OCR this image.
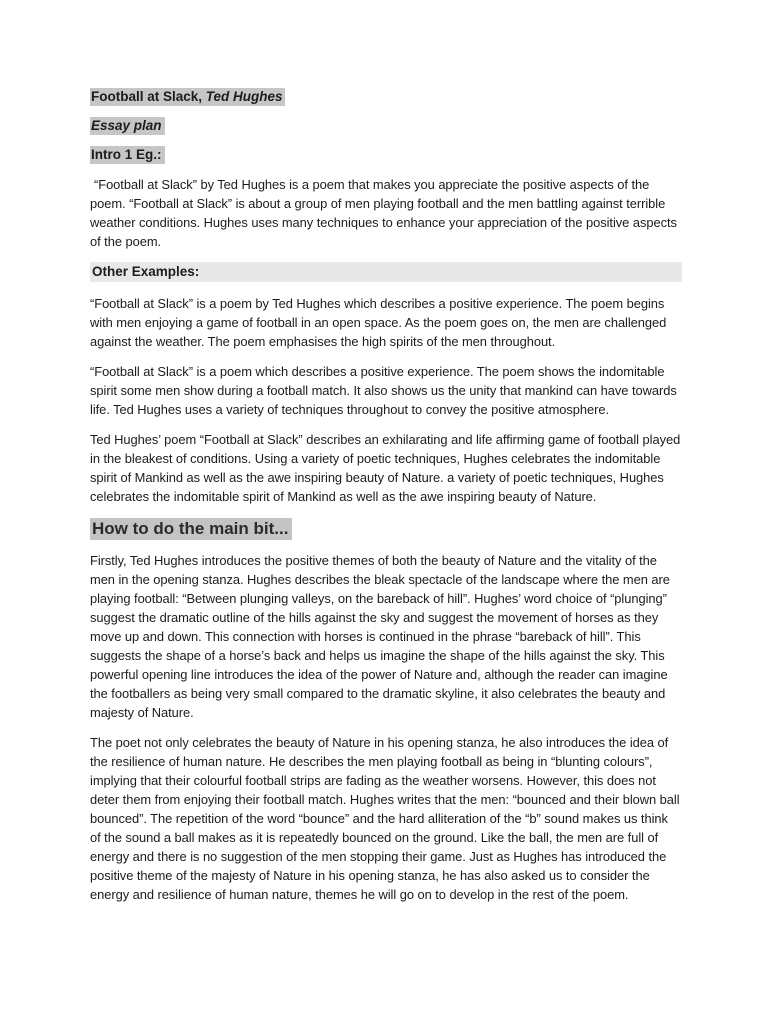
Football at Slack, Ted Hughes
Essay plan
Intro 1 Eg.:
“Football at Slack” by Ted Hughes is a poem that makes you appreciate the positive aspects of the poem. “Football at Slack” is about a group of men playing football and the men battling against terrible weather conditions. Hughes uses many techniques to enhance your appreciation of the positive aspects of the poem.
Other Examples:
“Football at Slack” is a poem by Ted Hughes which describes a positive experience. The poem begins with men enjoying a game of football in an open space. As the poem goes on, the men are challenged against the weather. The poem emphasises the high spirits of the men throughout.
“Football at Slack” is a poem which describes a positive experience. The poem shows the indomitable spirit some men show during a football match. It also shows us the unity that mankind can have towards life. Ted Hughes uses a variety of techniques throughout to convey the positive atmosphere.
Ted Hughes’ poem “Football at Slack” describes an exhilarating and life affirming game of football played in the bleakest of conditions. Using a variety of poetic techniques, Hughes celebrates the indomitable spirit of Mankind as well as the awe inspiring beauty of Nature. a variety of poetic techniques, Hughes celebrates the indomitable spirit of Mankind as well as the awe inspiring beauty of Nature.
How to do the main bit...
Firstly, Ted Hughes introduces the positive themes of both the beauty of Nature and the vitality of the men in the opening stanza. Hughes describes the bleak spectacle of the landscape where the men are playing football: “Between plunging valleys, on the bareback of hill”. Hughes’ word choice of “plunging” suggest the dramatic outline of the hills against the sky and suggest the movement of horses as they move up and down. This connection with horses is continued in the phrase “bareback of hill”. This suggests the shape of a horse’s back and helps us imagine the shape of the hills against the sky. This powerful opening line introduces the idea of the power of Nature and, although the reader can imagine the footballers as being very small compared to the dramatic skyline, it also celebrates the beauty and majesty of Nature.
The poet not only celebrates the beauty of Nature in his opening stanza, he also introduces the idea of the resilience of human nature. He describes the men playing football as being in “blunting colours”, implying that their colourful football strips are fading as the weather worsens. However, this does not deter them from enjoying their football match. Hughes writes that the men: “bounced and their blown ball bounced”. The repetition of the word “bounce” and the hard alliteration of the “b” sound makes us think of the sound a ball makes as it is repeatedly bounced on the ground. Like the ball, the men are full of energy and there is no suggestion of the men stopping their game. Just as Hughes has introduced the positive theme of the majesty of Nature in his opening stanza, he has also asked us to consider the energy and resilience of human nature, themes he will go on to develop in the rest of the poem.
